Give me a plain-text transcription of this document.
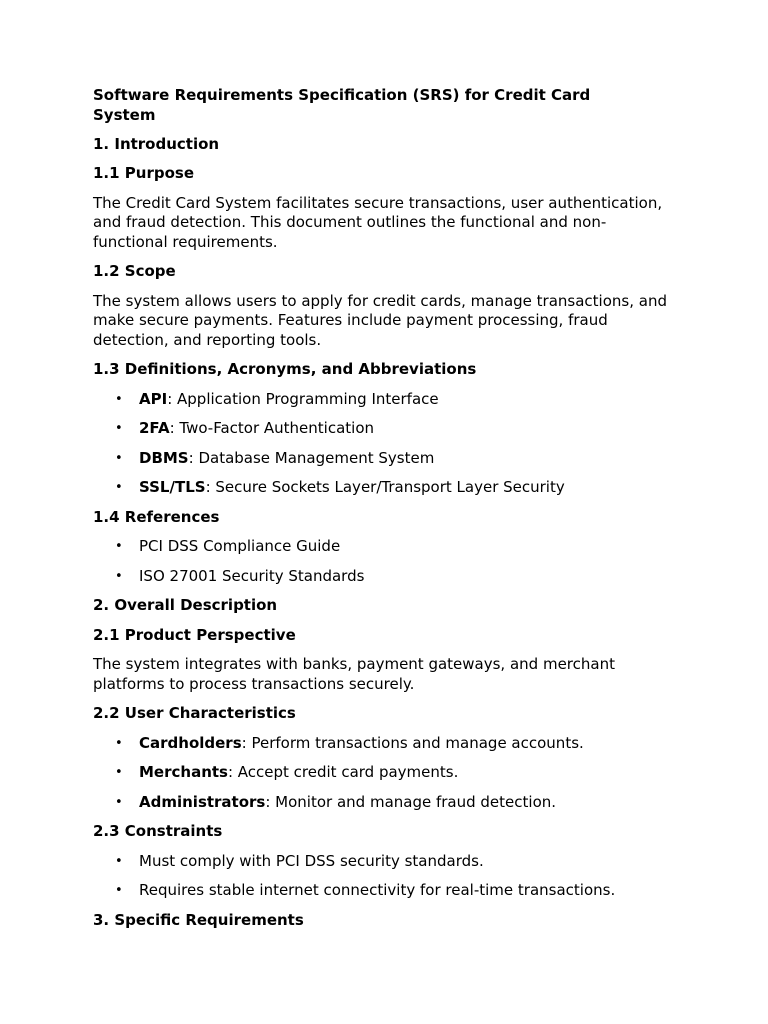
Software Requirements Specification (SRS) for Credit Card System
1. Introduction
1.1 Purpose
The Credit Card System facilitates secure transactions, user authentication, and fraud detection. This document outlines the functional and non-functional requirements.
1.2 Scope
The system allows users to apply for credit cards, manage transactions, and make secure payments. Features include payment processing, fraud detection, and reporting tools.
1.3 Definitions, Acronyms, and Abbreviations
• API: Application Programming Interface
• 2FA: Two-Factor Authentication
• DBMS: Database Management System
• SSL/TLS: Secure Sockets Layer/Transport Layer Security
1.4 References
• PCI DSS Compliance Guide
• ISO 27001 Security Standards
2. Overall Description
2.1 Product Perspective
The system integrates with banks, payment gateways, and merchant platforms to process transactions securely.
2.2 User Characteristics
• Cardholders: Perform transactions and manage accounts.
• Merchants: Accept credit card payments.
• Administrators: Monitor and manage fraud detection.
2.3 Constraints
• Must comply with PCI DSS security standards.
• Requires stable internet connectivity for real-time transactions.
3. Specific Requirements
